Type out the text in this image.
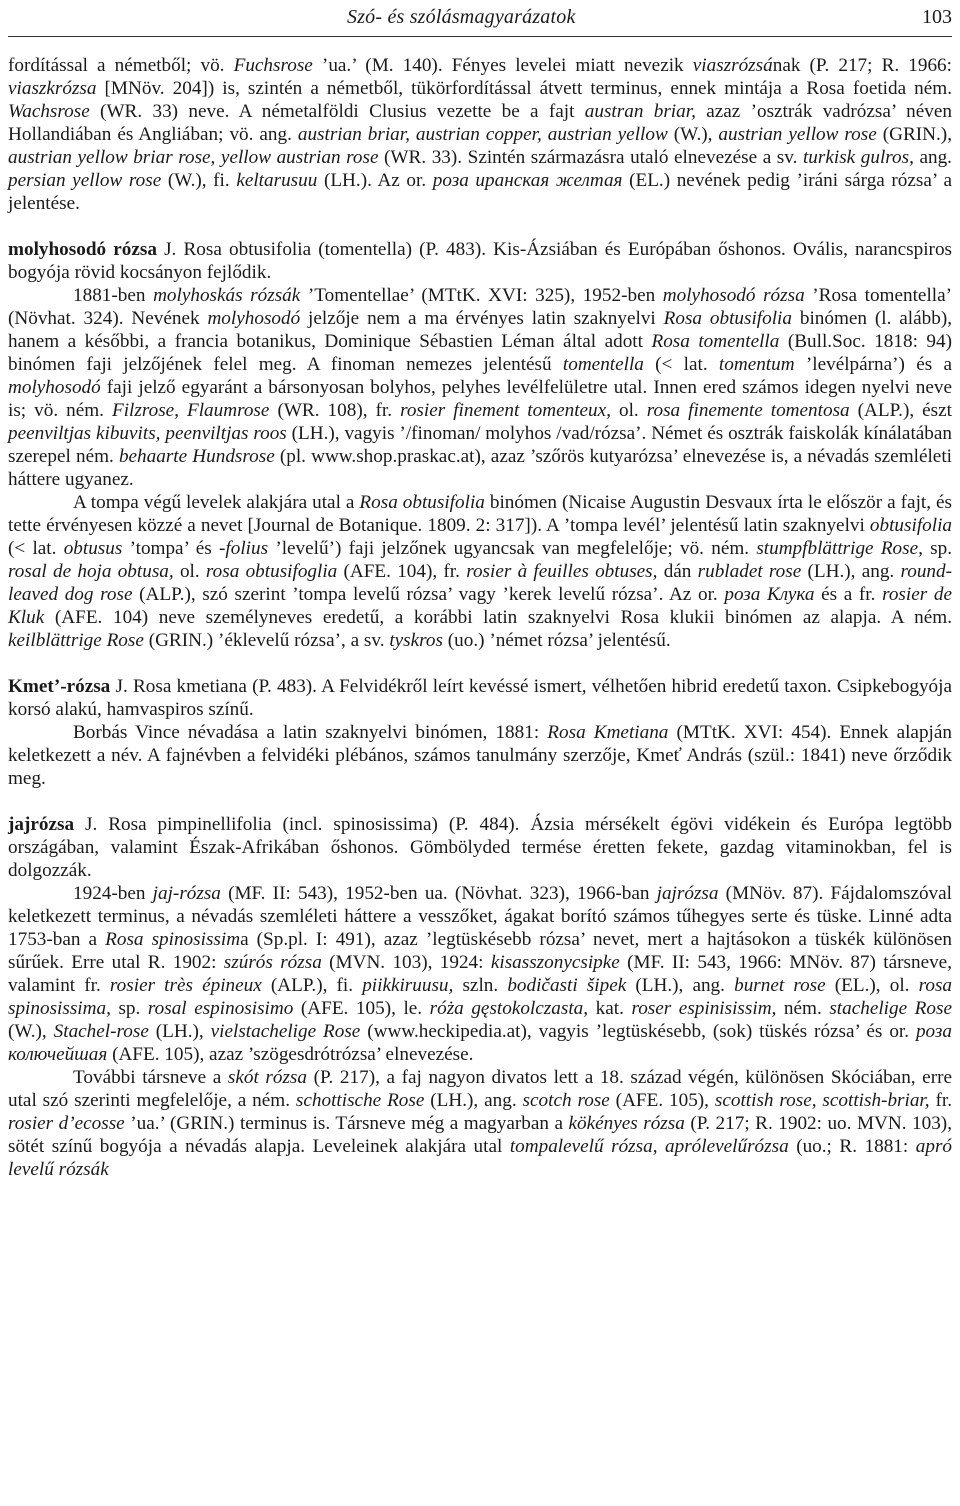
Szó- és szólásmagyarázatok	103

fordítással a németből; vö. Fuchsrose ’ua.’ (M. 140). Fényes levelei miatt nevezik viaszrózsának (P. 217; R. 1966: viaszkrózsa [MNöv. 204]) is, szintén a németből, tükörfordítással átvett terminus, ennek mintája a Rosa foetida ném. Wachsrose (WR. 33) neve. A németalföldi Clusius vezette be a fajt austran briar, azaz ’osztrák vadrózsa’ néven Hollandiában és Angliában; vö. ang. austrian briar, austrian copper, austrian yellow (W.), austrian yellow rose (GRIN.), austrian yellow briar rose, yellow austrian rose (WR. 33). Szintén származásra utaló elnevezése a sv. turkisk gulros, ang. persian yellow rose (W.), fi. keltarusuu (LH.). Az or. роза иранская желтая (EL.) nevének pedig ’iráni sárga rózsa’ a jelentése.

molyhosodó rózsa J. Rosa obtusifolia (tomentella) (P. 483). Kis-Ázsiában és Európában őshonos. Ovális, narancspiros bogyója rövid kocsányon fejlődik.

1881-ben molyhoskás rózsák ’Tomentellae’ (MTtK. XVI: 325), 1952-ben molyhosodó rózsa ’Rosa tomentella’ (Növhat. 324). Nevének molyhosodó jelzője nem a ma érvényes latin szaknyelvi Rosa obtusifolia binómen (l. alább), hanem a későbbi, a francia botanikus, Dominique Sébastien Léman által adott Rosa tomentella (Bull.Soc. 1818: 94) binómen faji jelzőjének felel meg. A finoman nemezes jelentésű tomentella (< lat. tomentum ’levélpárna’) és a molyhosodó faji jelző egyaránt a bársonyosan bolyhos, pelyhes levélfelületre utal. Innen ered számos idegen nyelvi neve is; vö. ném. Filzrose, Flaumrose (WR. 108), fr. rosier finement tomenteux, ol. rosa finemente tomentosa (ALP.), észt peenviltjas kibuvits, peenviltjas roos (LH.), vagyis ’/finoman/ molyhos /vad/rózsa’. Német és osztrák faiskolák kínálatában szerepel ném. behaarte Hundsrose (pl. www.shop.praskac.at), azaz ’szőrös kutyarózsa’ elnevezése is, a névadás szemléleti háttere ugyanez.

A tompa végű levelek alakjára utal a Rosa obtusifolia binómen (Nicaise Augustin Desvaux írta le először a fajt, és tette érvényesen közzé a nevet [Journal de Botanique. 1809. 2: 317]). A ’tompa levél’ jelentésű latin szaknyelvi obtusifolia (< lat. obtusus ’tompa’ és -folius ’levelű’) faji jelzőnek ugyancsak van megfelelője; vö. ném. stumpfblättrige Rose, sp. rosal de hoja obtusa, ol. rosa obtusifoglia (AFE. 104), fr. rosier à feuilles obtuses, dán rubladet rose (LH.), ang. round-leaved dog rose (ALP.), szó szerint ’tompa levelű rózsa’ vagy ’kerek levelű rózsa’. Az or. роза Клука és a fr. rosier de Kluk (AFE. 104) neve személyneves eredetű, a korábbi latin szaknyelvi Rosa klukii binómen az alapja. A ném. keilblättrige Rose (GRIN.) ’éklevelű rózsa’, a sv. tyskros (uo.) ’német rózsa’ jelentésű.

Kmet’-rózsa J. Rosa kmetiana (P. 483). A Felvidékről leírt kevéssé ismert, vélhetően hibrid eredetű taxon. Csipkebogyója korsó alakú, hamvaspiros színű.

Borbás Vince névadása a latin szaknyelvi binómen, 1881: Rosa Kmetiana (MTtK. XVI: 454). Ennek alapján keletkezett a név. A fajnévben a felvidéki plébános, számos tanulmány szerzője, Kmeť András (szül.: 1841) neve őrződik meg.

jajrózsa J. Rosa pimpinellifolia (incl. spinosissima) (P. 484). Ázsia mérsékelt égövi vidékein és Európa legtöbb országában, valamint Észak-Afrikában őshonos. Gömbölyded termése éretten fekete, gazdag vitaminokban, fel is dolgozzák.

1924-ben jaj-rózsa (MF. II: 543), 1952-ben ua. (Növhat. 323), 1966-ban jajrózsa (MNöv. 87). Fájdalomszóval keletkezett terminus, a névadás szemléleti háttere a vesszőket, ágakat borító számos tűhegyes serte és tüske. Linné adta 1753-ban a Rosa spinosissima (Sp.pl. I: 491), azaz ’legtüskésebb rózsa’ nevet, mert a hajtásokon a tüskék különösen sűrűek. Erre utal R. 1902: szúrós rózsa (MVN. 103), 1924: kisasszonycsipke (MF. II: 543, 1966: MNöv. 87) társneve, valamint fr. rosier très épineux (ALP.), fi. piikkiruusu, szln. bodičasti šipek (LH.), ang. burnet rose (EL.), ol. rosa spinosissima, sp. rosal espinosisimo (AFE. 105), le. róża gęstokolczasta, kat. roser espinisissim, ném. stachelige Rose (W.), Stachel-rose (LH.), vielstachelige Rose (www.heckipedia.at), vagyis ’legtüskésebb, (sok) tüskés rózsa’ és or. роза колючейшая (AFE. 105), azaz ’szögesdrótrózsa’ elnevezése.

További társneve a skót rózsa (P. 217), a faj nagyon divatos lett a 18. század végén, különösen Skóciában, erre utal szó szerinti megfelelője, a ném. schottische Rose (LH.), ang. scotch rose (AFE. 105), scottish rose, scottish-briar, fr. rosier d’ecosse ’ua.’ (GRIN.) terminus is. Társneve még a magyarban a kökényes rózsa (P. 217; R. 1902: uo. MVN. 103), sötét színű bogyója a névadás alapja. Leveleinek alakjára utal tompalevelű rózsa, aprólevelűrózsa (uo.; R. 1881: apró levelű rózsák
